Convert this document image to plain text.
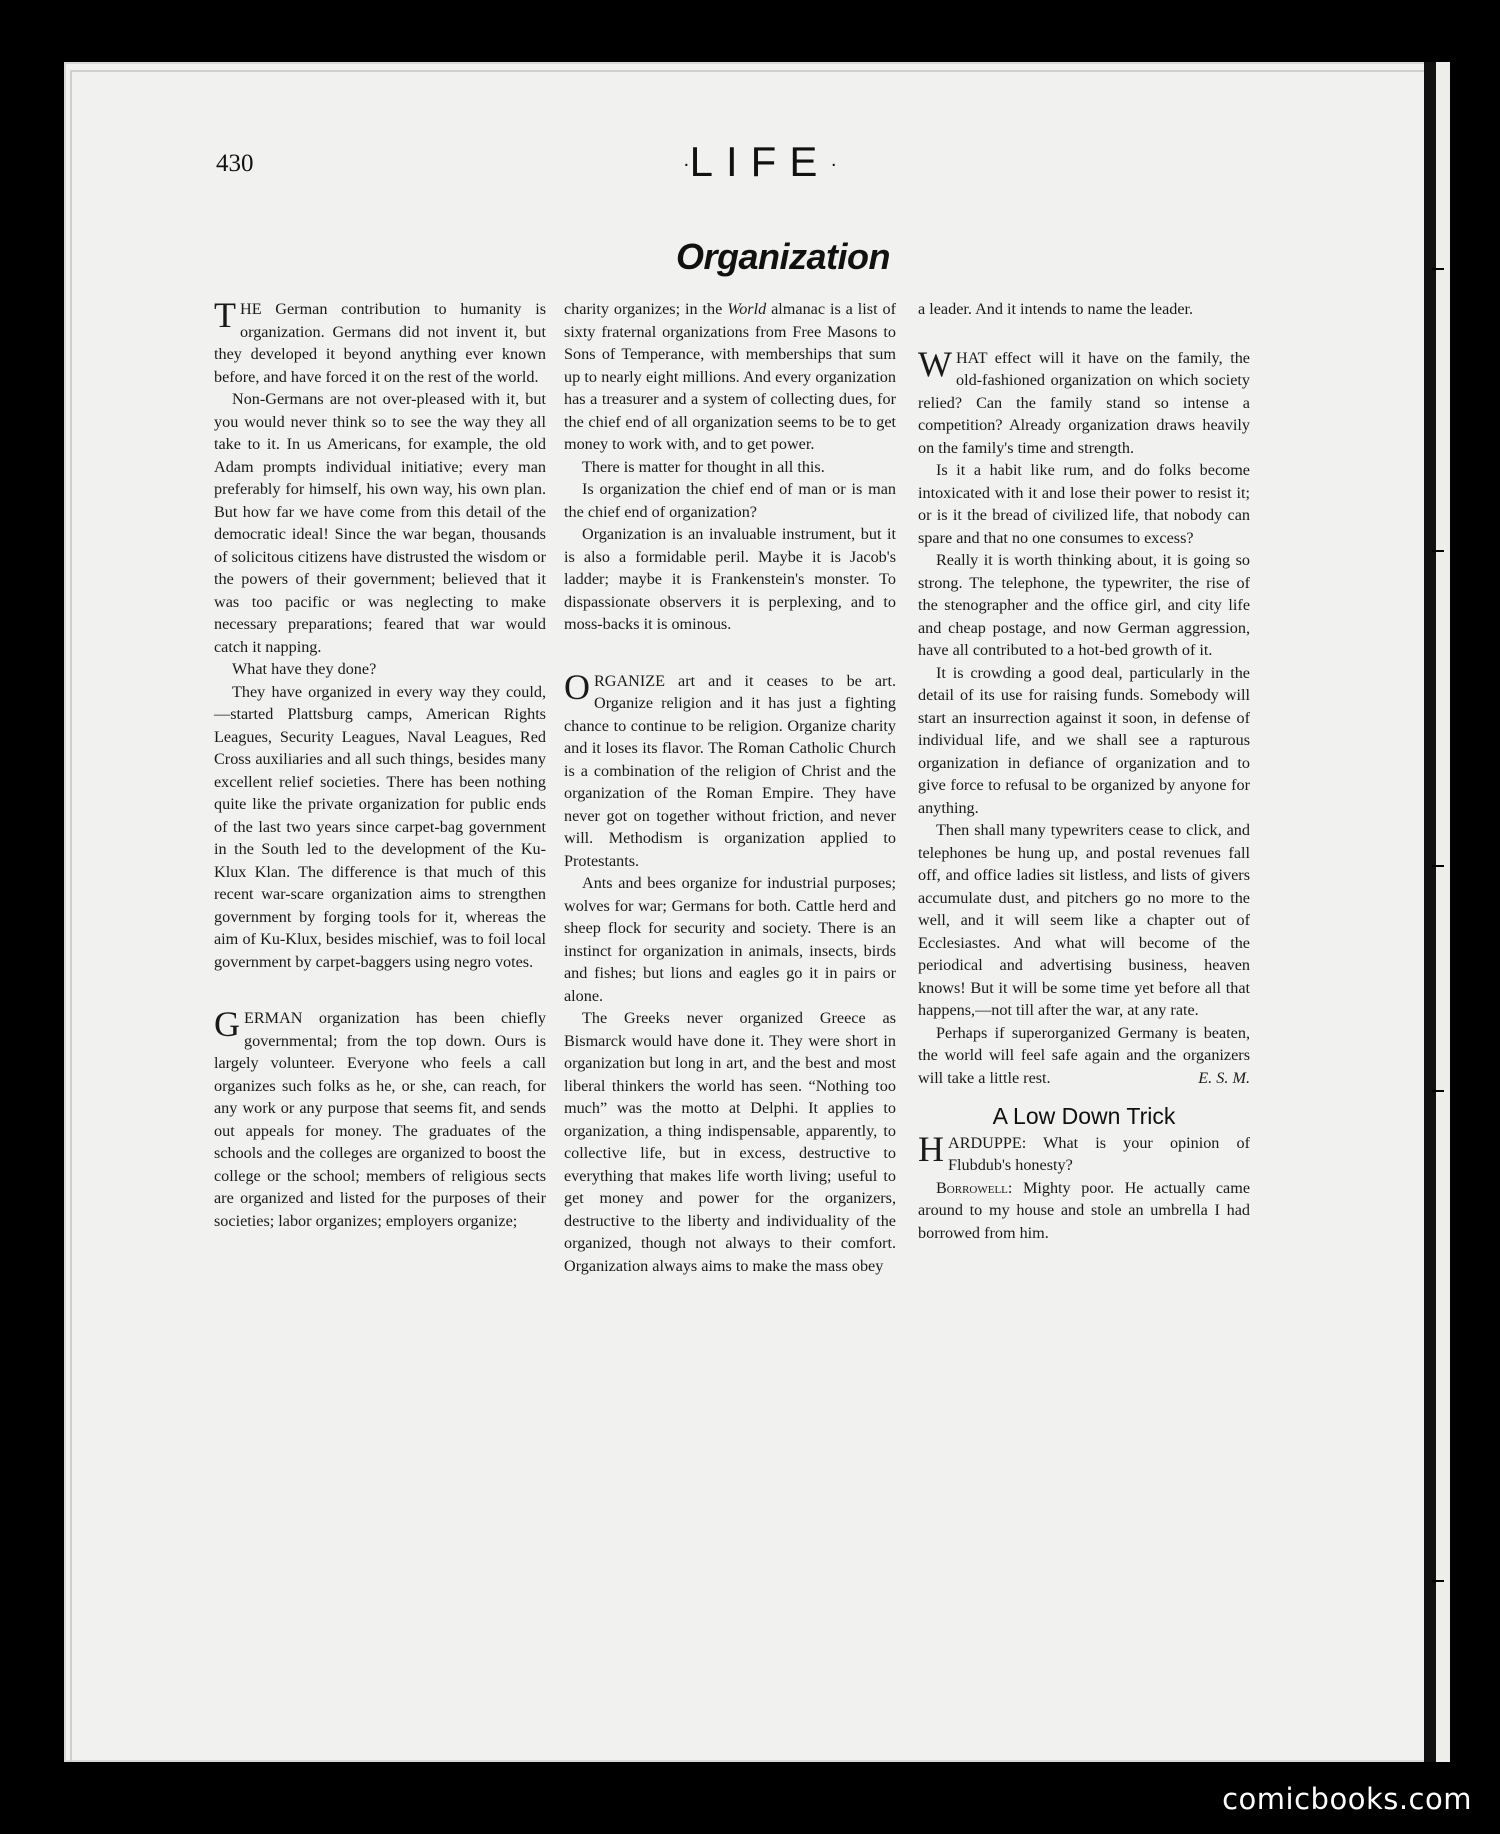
430	·LIFE·
Organization

THE German contribution to humanity is organization. Germans did not invent it, but they developed it beyond anything ever known before, and have forced it on the rest of the world.

Non-Germans are not over-pleased with it, but you would never think so to see the way they all take to it. In us Americans, for example, the old Adam prompts individual initiative; every man preferably for himself, his own way, his own plan. But how far we have come from this detail of the democratic ideal! Since the war began, thousands of solicitous citizens have distrusted the wisdom or the powers of their government; believed that it was too pacific or was neglecting to make necessary preparations; feared that war would catch it napping.

What have they done?

They have organized in every way they could,—started Plattsburg camps, American Rights Leagues, Security Leagues, Naval Leagues, Red Cross auxiliaries and all such things, besides many excellent relief societies. There has been nothing quite like the private organization for public ends of the last two years since carpet-bag government in the South led to the development of the Ku-Klux Klan. The difference is that much of this recent war-scare organization aims to strengthen government by forging tools for it, whereas the aim of Ku-Klux, besides mischief, was to foil local government by carpet-baggers using negro votes.

GERMAN organization has been chiefly governmental; from the top down. Ours is largely volunteer. Everyone who feels a call organizes such folks as he, or she, can reach, for any work or any purpose that seems fit, and sends out appeals for money. The graduates of the schools and the colleges are organized to boost the college or the school; members of religious sects are organized and listed for the purposes of their societies; labor organizes; employers organize;

charity organizes; in the World almanac is a list of sixty fraternal organizations from Free Masons to Sons of Temperance, with memberships that sum up to nearly eight millions. And every organization has a treasurer and a system of collecting dues, for the chief end of all organization seems to be to get money to work with, and to get power.

There is matter for thought in all this.

Is organization the chief end of man or is man the chief end of organization?

Organization is an invaluable instrument, but it is also a formidable peril. Maybe it is Jacob's ladder; maybe it is Frankenstein's monster. To dispassionate observers it is perplexing, and to moss-backs it is ominous.

ORGANIZE art and it ceases to be art. Organize religion and it has just a fighting chance to continue to be religion. Organize charity and it loses its flavor. The Roman Catholic Church is a combination of the religion of Christ and the organization of the Roman Empire. They have never got on together without friction, and never will. Methodism is organization applied to Protestants.

Ants and bees organize for industrial purposes; wolves for war; Germans for both. Cattle herd and sheep flock for security and society. There is an instinct for organization in animals, insects, birds and fishes; but lions and eagles go it in pairs or alone.

The Greeks never organized Greece as Bismarck would have done it. They were short in organization but long in art, and the best and most liberal thinkers the world has seen. “Nothing too much” was the motto at Delphi. It applies to organization, a thing indispensable, apparently, to collective life, but in excess, destructive to everything that makes life worth living; useful to get money and power for the organizers, destructive to the liberty and individuality of the organized, though not always to their comfort. Organization always aims to make the mass obey

a leader. And it intends to name the leader.

WHAT effect will it have on the family, the old-fashioned organization on which society relied? Can the family stand so intense a competition? Already organization draws heavily on the family's time and strength.

Is it a habit like rum, and do folks become intoxicated with it and lose their power to resist it; or is it the bread of civilized life, that nobody can spare and that no one consumes to excess?

Really it is worth thinking about, it is going so strong. The telephone, the typewriter, the rise of the stenographer and the office girl, and city life and cheap postage, and now German aggression, have all contributed to a hot-bed growth of it.

It is crowding a good deal, particularly in the detail of its use for raising funds. Somebody will start an insurrection against it soon, in defense of individual life, and we shall see a rapturous organization in defiance of organization and to give force to refusal to be organized by anyone for anything.

Then shall many typewriters cease to click, and telephones be hung up, and postal revenues fall off, and office ladies sit listless, and lists of givers accumulate dust, and pitchers go no more to the well, and it will seem like a chapter out of Ecclesiastes. And what will become of the periodical and advertising business, heaven knows! But it will be some time yet before all that happens,—not till after the war, at any rate.

Perhaps if superorganized Germany is beaten, the world will feel safe again and the organizers will take a little rest.	E. S. M.

A Low Down Trick

HARDUPPE: What is your opinion of Flubdub's honesty?

Borrowell: Mighty poor. He actually came around to my house and stole an umbrella I had borrowed from him.

comicbooks.com
